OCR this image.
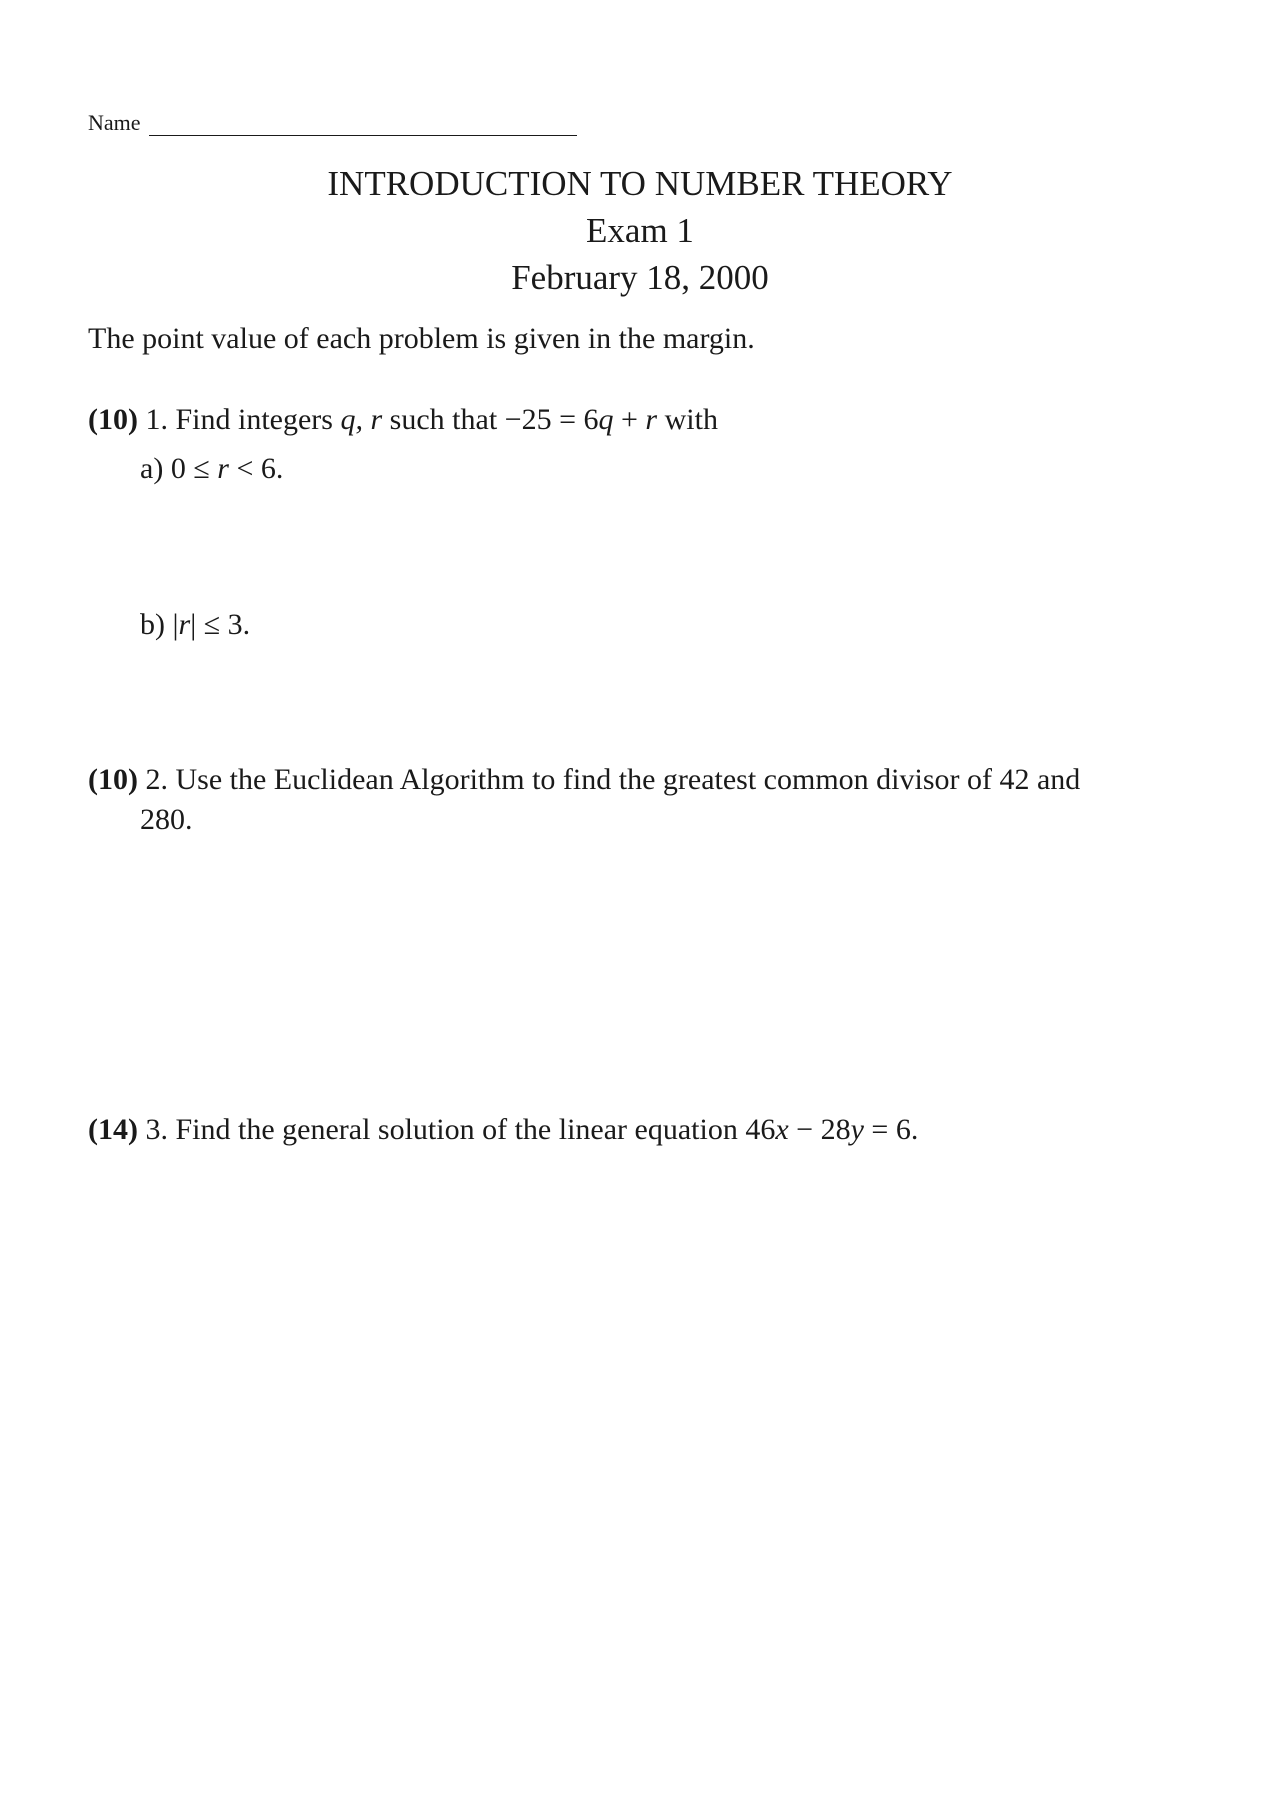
Name
INTRODUCTION TO NUMBER THEORY
Exam 1
February 18, 2000
The point value of each problem is given in the margin.
(10) 1. Find integers q, r such that −25 = 6q + r with
a) 0 ≤ r < 6.
b) |r| ≤ 3.
(10) 2. Use the Euclidean Algorithm to find the greatest common divisor of 42 and
280.
(14) 3. Find the general solution of the linear equation 46x − 28y = 6.
